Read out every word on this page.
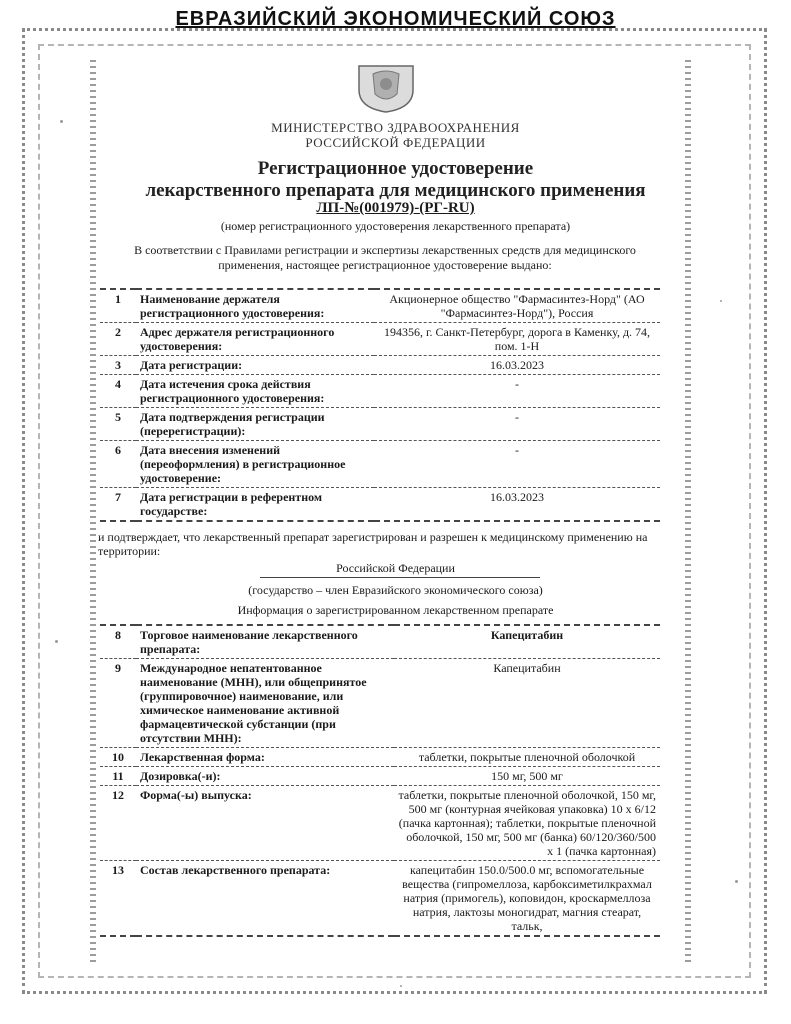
ЕВРАЗИЙСКИЙ ЭКОНОМИЧЕСКИЙ СОЮЗ
МИНИСТЕРСТВО ЗДРАВООХРАНЕНИЯ
РОССИЙСКОЙ ФЕДЕРАЦИИ
Регистрационное удостоверение
лекарственного препарата для медицинского применения
ЛП-№(001979)-(РГ-RU)
(номер регистрационного удостоверения лекарственного препарата)
В соответствии с Правилами регистрации и экспертизы лекарственных средств для медицинского применения, настоящее регистрационное удостоверение выдано:
1	Наименование держателя регистрационного удостоверения:	Акционерное общество "Фармасинтез-Норд" (АО "Фармасинтез-Норд"), Россия
2	Адрес держателя регистрационного удостоверения:	194356, г. Санкт-Петербург, дорога в Каменку, д. 74, пом. 1-Н
3	Дата регистрации:	16.03.2023
4	Дата истечения срока действия регистрационного удостоверения:	-
5	Дата подтверждения регистрации (перерегистрации):	-
6	Дата внесения изменений (переоформления) в регистрационное удостоверение:	-
7	Дата регистрации в референтном государстве:	16.03.2023
и подтверждает, что лекарственный препарат зарегистрирован и разрешен к медицинскому применению на территории:
Российской Федерации
(государство – член Евразийского экономического союза)
Информация о зарегистрированном лекарственном препарате
8	Торговое наименование лекарственного препарата:	Капецитабин
9	Международное непатентованное наименование (МНН), или общепринятое (группировочное) наименование, или химическое наименование активной фармацевтической субстанции (при отсутствии МНН):	Капецитабин
10	Лекарственная форма:	таблетки, покрытые пленочной оболочкой
11	Дозировка(-и):	150 мг, 500 мг
12	Форма(-ы) выпуска:	таблетки, покрытые пленочной оболочкой, 150 мг, 500 мг (контурная ячейковая упаковка) 10 х 6/12 (пачка картонная); таблетки, покрытые пленочной оболочкой, 150 мг, 500 мг (банка) 60/120/360/500 х 1 (пачка картонная)
13	Состав лекарственного препарата:	капецитабин 150.0/500.0 мг, вспомогательные вещества (гипромеллоза, карбоксиметилкрахмал натрия (примогель), коповидон, кроскармеллоза натрия, лактозы моногидрат, магния стеарат, тальк,
